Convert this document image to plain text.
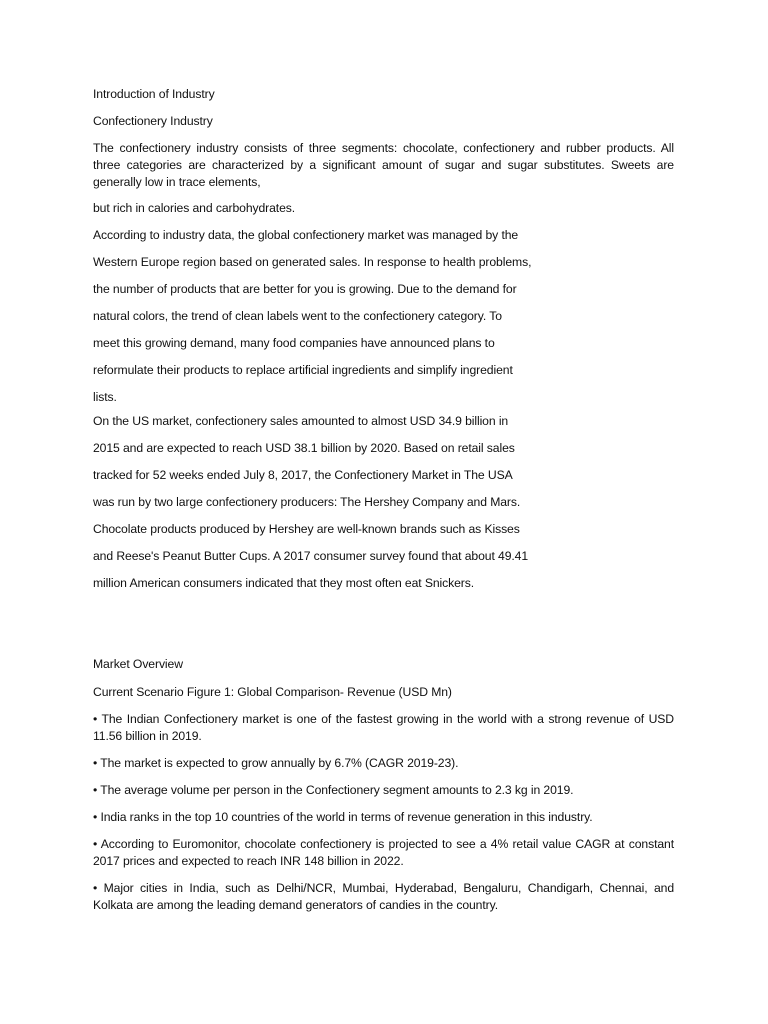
Introduction of Industry

Confectionery Industry

The confectionery industry consists of three segments: chocolate, confectionery and rubber products. All three categories are characterized by a significant amount of sugar and sugar substitutes. Sweets are generally low in trace elements,

but rich in calories and carbohydrates.

According to industry data, the global confectionery market was managed by the

Western Europe region based on generated sales. In response to health problems,

the number of products that are better for you is growing. Due to the demand for

natural colors, the trend of clean labels went to the confectionery category. To

meet this growing demand, many food companies have announced plans to

reformulate their products to replace artificial ingredients and simplify ingredient

lists.

On the US market, confectionery sales amounted to almost USD 34.9 billion in

2015 and are expected to reach USD 38.1 billion by 2020. Based on retail sales

tracked for 52 weeks ended July 8, 2017, the Confectionery Market in The USA

was run by two large confectionery producers: The Hershey Company and Mars.

Chocolate products produced by Hershey are well-known brands such as Kisses

and Reese's Peanut Butter Cups. A 2017 consumer survey found that about 49.41

million American consumers indicated that they most often eat Snickers.

Market Overview

Current Scenario Figure 1: Global Comparison- Revenue (USD Mn)

• The Indian Confectionery market is one of the fastest growing in the world with a strong revenue of USD 11.56 billion in 2019.

• The market is expected to grow annually by 6.7% (CAGR 2019-23).

• The average volume per person in the Confectionery segment amounts to 2.3 kg in 2019.

• India ranks in the top 10 countries of the world in terms of revenue generation in this industry.

• According to Euromonitor, chocolate confectionery is projected to see a 4% retail value CAGR at constant 2017 prices and expected to reach INR 148 billion in 2022.

• Major cities in India, such as Delhi/NCR, Mumbai, Hyderabad, Bengaluru, Chandigarh, Chennai, and Kolkata are among the leading demand generators of candies in the country.
